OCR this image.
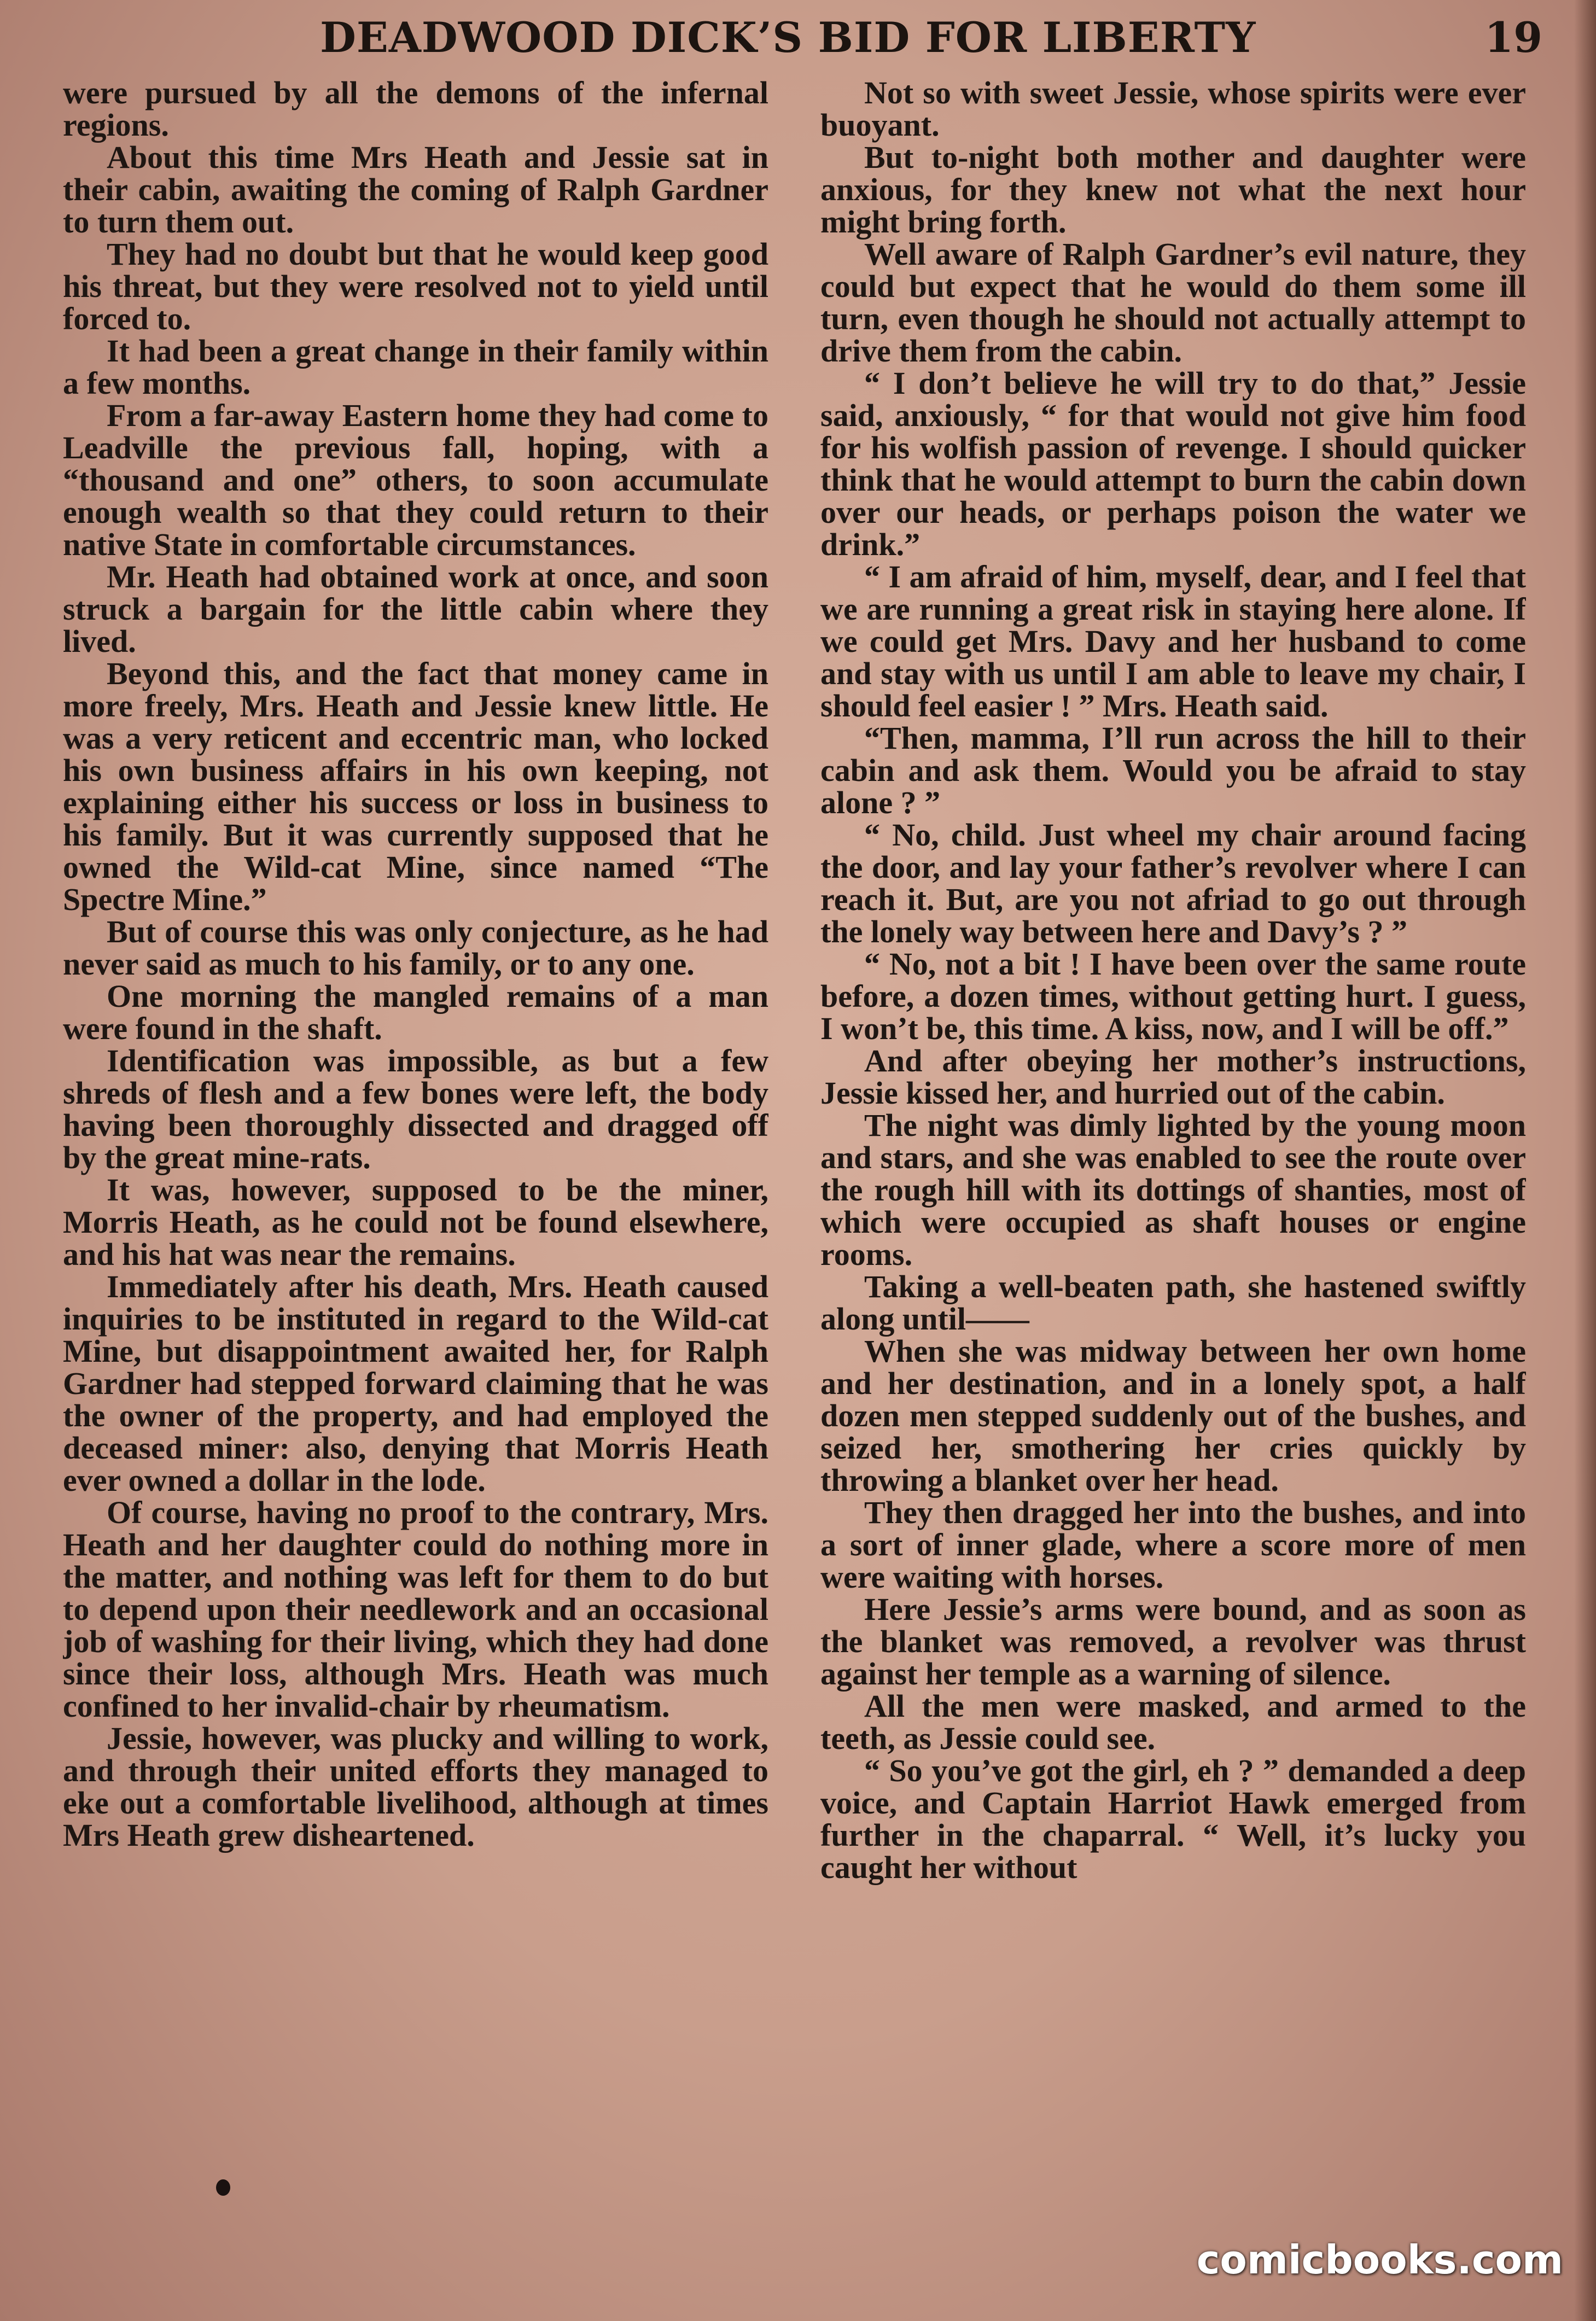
DEADWOOD DICK’S BID FOR LIBERTY	19

were pursued by all the demons of the infernal regions.

About this time Mrs Heath and Jessie sat in their cabin, awaiting the coming of Ralph Gardner to turn them out.

They had no doubt but that he would keep good his threat, but they were resolved not to yield until forced to.

It had been a great change in their family within a few months.

From a far-away Eastern home they had come to Leadville the previous fall, hoping, with a “thousand and one” others, to soon accumulate enough wealth so that they could return to their native State in comfortable circumstances.

Mr. Heath had obtained work at once, and soon struck a bargain for the little cabin where they lived.

Beyond this, and the fact that money came in more freely, Mrs. Heath and Jessie knew little. He was a very reticent and eccentric man, who locked his own business affairs in his own keeping, not explaining either his success or loss in business to his family. But it was currently supposed that he owned the Wild-cat Mine, since named “The Spectre Mine.”

But of course this was only conjecture, as he had never said as much to his family, or to any one.

One morning the mangled remains of a man were found in the shaft.

Identification was impossible, as but a few shreds of flesh and a few bones were left, the body having been thoroughly dissected and dragged off by the great mine-rats.

It was, however, supposed to be the miner, Morris Heath, as he could not be found elsewhere, and his hat was near the remains.

Immediately after his death, Mrs. Heath caused inquiries to be instituted in regard to the Wild-cat Mine, but disappointment awaited her, for Ralph Gardner had stepped forward claiming that he was the owner of the property, and had employed the deceased miner: also, denying that Morris Heath ever owned a dollar in the lode.

Of course, having no proof to the contrary, Mrs. Heath and her daughter could do nothing more in the matter, and nothing was left for them to do but to depend upon their needlework and an occasional job of washing for their living, which they had done since their loss, although Mrs. Heath was much confined to her invalid-chair by rheumatism.

Jessie, however, was plucky and willing to work, and through their united efforts they managed to eke out a comfortable livelihood, although at times Mrs Heath grew disheartened.

Not so with sweet Jessie, whose spirits were ever buoyant.

But to-night both mother and daughter were anxious, for they knew not what the next hour might bring forth.

Well aware of Ralph Gardner’s evil nature, they could but expect that he would do them some ill turn, even though he should not actually attempt to drive them from the cabin.

“ I don’t believe he will try to do that,” Jessie said, anxiously, “ for that would not give him food for his wolfish passion of revenge. I should quicker think that he would attempt to burn the cabin down over our heads, or perhaps poison the water we drink.”

“ I am afraid of him, myself, dear, and I feel that we are running a great risk in staying here alone. If we could get Mrs. Davy and her husband to come and stay with us until I am able to leave my chair, I should feel easier ! ” Mrs. Heath said.

“Then, mamma, I’ll run across the hill to their cabin and ask them. Would you be afraid to stay alone ? ”

“ No, child. Just wheel my chair around facing the door, and lay your father’s revolver where I can reach it. But, are you not afriad to go out through the lonely way between here and Davy’s ? ”

“ No, not a bit ! I have been over the same route before, a dozen times, without getting hurt. I guess, I won’t be, this time. A kiss, now, and I will be off.”

And after obeying her mother’s instructions, Jessie kissed her, and hurried out of the cabin.

The night was dimly lighted by the young moon and stars, and she was enabled to see the route over the rough hill with its dottings of shanties, most of which were occupied as shaft houses or engine rooms.

Taking a well-beaten path, she hastened swiftly along until——

When she was midway between her own home and her destination, and in a lonely spot, a half dozen men stepped suddenly out of the bushes, and seized her, smothering her cries quickly by throwing a blanket over her head.

They then dragged her into the bushes, and into a sort of inner glade, where a score more of men were waiting with horses.

Here Jessie’s arms were bound, and as soon as the blanket was removed, a revolver was thrust against her temple as a warning of silence.

All the men were masked, and armed to the teeth, as Jessie could see.

“ So you’ve got the girl, eh ? ” demanded a deep voice, and Captain Harriot Hawk emerged from further in the chaparral. “ Well, it’s lucky you caught her without

comicbooks.com
